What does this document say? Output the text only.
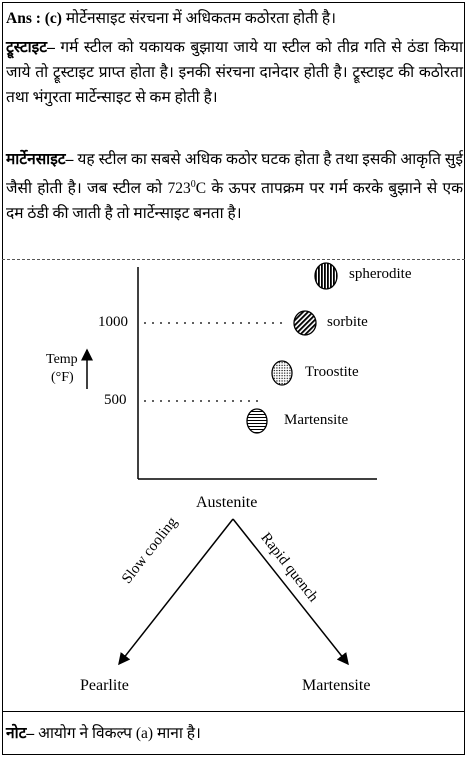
Ans : (c) मोर्टेनसाइट संरचना में अधिकतम कठोरता होती है।
ट्रूस्टाइट– गर्म स्टील को यकायक बुझाया जाये या स्टील को तीव्र गति से ठंडा किया जाये तो ट्रूस्टाइट प्राप्त होता है। इनकी संरचना दानेदार होती है। ट्रूस्टाइट की कठोरता तथा भंगुरता मार्टेन्साइट से कम होती है।
मार्टेनसाइट– यह स्टील का सबसे अधिक कठोर घटक होता है तथा इसकी आकृति सुई जैसी होती है। जब स्टील को $723^0C$ के ऊपर तापक्रम पर गर्म करके बुझाने से एक दम ठंडी की जाती है तो मार्टेन्साइट बनता है।
1000
500
Temp
(°F)
spherodite
sorbite
Troostite
Martensite
Austenite
Slow cooling	Rapid quench
Pearlite	Martensite
नोट– आयोग ने विकल्प (a) माना है।
